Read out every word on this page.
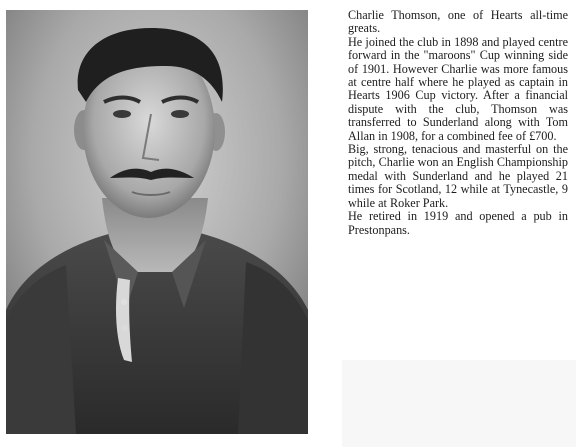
Charlie Thomson, one of Hearts all-time greats.

He joined the club in 1898 and played centre forward in the "maroons" Cup winning side of 1901. However Charlie was more famous at centre half where he played as captain in Hearts 1906 Cup victory. After a financial dispute with the club, Thomson was transferred to Sunderland along with Tom Allan in 1908, for a combined fee of £700.

Big, strong, tenacious and masterful on the pitch, Charlie won an English Championship medal with Sunderland and he played 21 times for Scotland, 12 while at Tynecastle, 9 while at Roker Park.

He retired in 1919 and opened a pub in Prestonpans.
